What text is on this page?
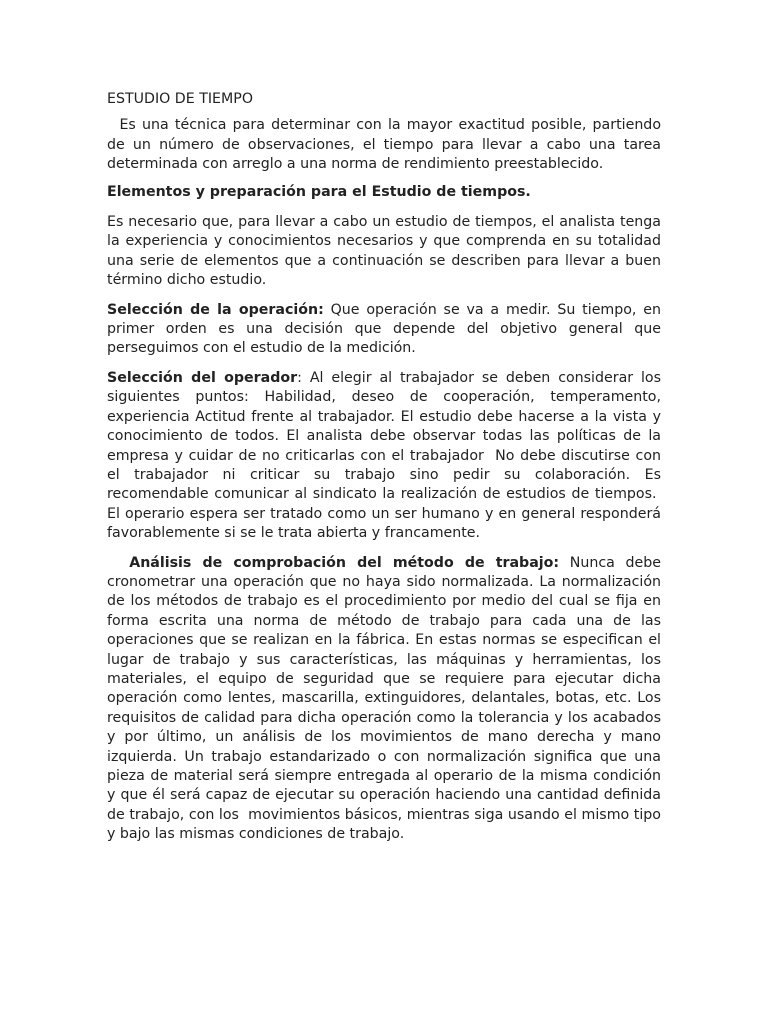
ESTUDIO DE TIEMPO

Es una técnica para determinar con la mayor exactitud posible, partiendo de un número de observaciones, el tiempo para llevar a cabo una tarea determinada con arreglo a una norma de rendimiento preestablecido.

Elementos y preparación para el Estudio de tiempos.

Es necesario que, para llevar a cabo un estudio de tiempos, el analista tenga la experiencia y conocimientos necesarios y que comprenda en su totalidad una serie de elementos que a continuación se describen para llevar a buen término dicho estudio.

Selección de la operación: Que operación se va a medir. Su tiempo, en primer orden es una decisión que depende del objetivo general que perseguimos con el estudio de la medición.

Selección del operador: Al elegir al trabajador se deben considerar los siguientes puntos: Habilidad, deseo de cooperación, temperamento, experiencia Actitud frente al trabajador. El estudio debe hacerse a la vista y conocimiento de todos. El analista debe observar todas las políticas de la empresa y cuidar de no criticarlas con el trabajador  No debe discutirse con el trabajador ni criticar su trabajo sino pedir su colaboración. Es recomendable comunicar al sindicato la realización de estudios de tiempos.  El operario espera ser tratado como un ser humano y en general responderá favorablemente si se le trata abierta y francamente.

Análisis de comprobación del método de trabajo: Nunca debe cronometrar una operación que no haya sido normalizada. La normalización de los métodos de trabajo es el procedimiento por medio del cual se fija en forma escrita una norma de método de trabajo para cada una de las operaciones que se realizan en la fábrica. En estas normas se especifican el lugar de trabajo y sus características, las máquinas y herramientas, los materiales, el equipo de seguridad que se requiere para ejecutar dicha operación como lentes, mascarilla, extinguidores, delantales, botas, etc. Los requisitos de calidad para dicha operación como la tolerancia y los acabados y por último, un análisis de los movimientos de mano derecha y mano izquierda. Un trabajo estandarizado o con normalización significa que una pieza de material será siempre entregada al operario de la misma condición y que él será capaz de ejecutar su operación haciendo una cantidad definida de trabajo, con los  movimientos básicos, mientras siga usando el mismo tipo y bajo las mismas condiciones de trabajo.
